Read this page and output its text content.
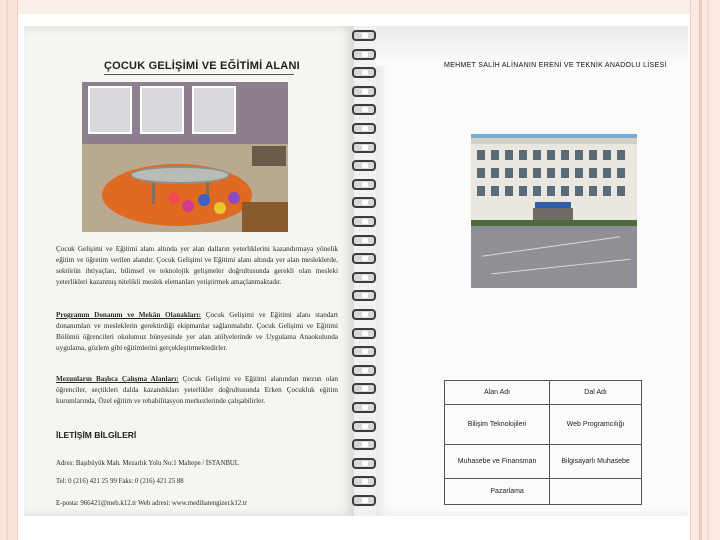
ÇOCUK GELİŞİMİ VE EĞİTİMİ ALANI
Çocuk Gelişimi ve Eğitimi alanı altında yer alan dalların yeterliklerini kazandırmaya yönelik eğitim ve öğretim verilen alandır. Çocuk Gelişimi ve Eğitimi alanı altında yer alan mesleklerde, sektörün ihtiyaçları, bilimsel ve teknolojik gelişmeler doğrultusunda gerekli olan mesleki yeterlikleri kazanmış nitelikli meslek elemanları yetiştirmek amaçlanmaktadır.
Programın Donanım ve Mekân Olanakları: Çocuk Gelişimi ve Eğitimi alanı standart donanımları ve mesleklerin gerektirdiği ekipmanlar sağlanmalıdır. Çocuk Gelişimi ve Eğitimi Bölümü öğrencileri okulumuz bünyesinde yer alan atölyelerinde ve Uygulama Anaokulunda uygulama, gözlem gibi eğitimlerini gerçekleştirmektedirler.
Mezunların Başlıca Çalışma Alanları: Çocuk Gelişimi ve Eğitimi alanından mezun olan öğrenciler, seçtikleri dalda kazandıkları yeterlikler doğrultusunda Erken Çocukluk eğitim kurumlarında, Özel eğitim ve rehabilitasyon merkezlerinde çalışabilirler.
İLETİŞİM BİLGİLERİ
Adres: Başıbüyük Mah. Mezarlık Yolu No:1 Maltepe / İSTANBUL
Tel: 0 (216) 421 25 99 Faks: 0 (216) 421 25 88
E-posta: 966421@meb.k12.tr Web adresi: www.medihatengizer.k12.tr
MEHMET SALİH ALİNANIN ERENİ VE TEKNİK ANADOLU LİSESİ
Alan Adı	Dal Adı
Bilişim Teknolojileri	Web Programcılığı
Muhasebe ve Finansman	Bilgisayarlı Muhasebe
Pazarlama	
